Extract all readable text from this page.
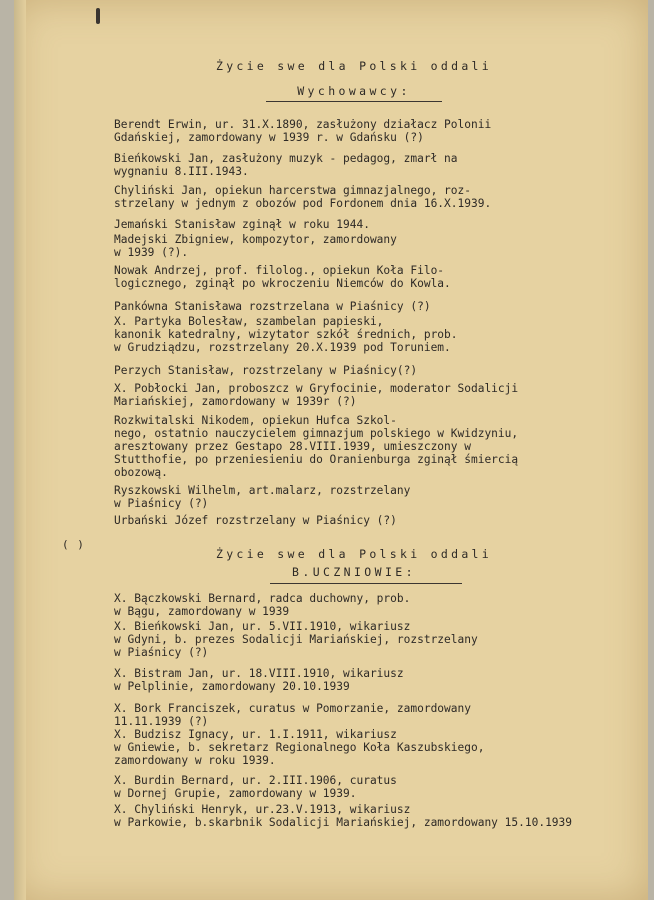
Życie swe dla Polski oddali
Wychowawcy:
Berendt Erwin, ur. 31.X.1890, zasłużony działacz Polonii
Gdańskiej, zamordowany w 1939 r. w Gdańsku (?)
Bieńkowski Jan, zasłużony muzyk - pedagog, zmarł na
wygnaniu 8.III.1943.
Chyliński Jan, opiekun harcerstwa gimnazjalnego, roz-
strzelany w jednym z obozów pod Fordonem dnia 16.X.1939.
Jemański Stanisław zginął w roku 1944.
Madejski Zbigniew, kompozytor, zamordowany
w 1939 (?).
Nowak Andrzej, prof. filolog., opiekun Koła Filo-
logicznego, zginął po wkroczeniu Niemców do Kowla.
Pankówna Stanisława rozstrzelana w Piaśnicy (?)
X. Partyka Bolesław, szambelan papieski,
kanonik katedralny, wizytator szkół średnich, prob.
w Grudziądzu, rozstrzelany 20.X.1939 pod Toruniem.
Perzych Stanisław, rozstrzelany w Piaśnicy(?)
X. Pobłocki Jan, proboszcz w Gryfocinie, moderator Sodalicji
Mariańskiej, zamordowany w 1939r (?)
Rozkwitalski Nikodem, opiekun Hufca Szkol-
nego, ostatnio nauczycielem gimnazjum polskiego w Kwidzyniu,
aresztowany przez Gestapo 28.VIII.1939, umieszczony w
Stutthofie, po przeniesieniu do Oranienburga zginął śmiercią
obozową.
Ryszkowski Wilhelm, art.malarz, rozstrzelany
w Piaśnicy (?)
Urbański Józef rozstrzelany w Piaśnicy (?)
( )
Życie swe dla Polski oddali
B.UCZNIOWIE:
X. Bączkowski Bernard, radca duchowny, prob.
w Bągu, zamordowany w 1939
X. Bieńkowski Jan, ur. 5.VII.1910, wikariusz
w Gdyni, b. prezes Sodalicji Mariańskiej, rozstrzelany
w Piaśnicy (?)
X. Bistram Jan, ur. 18.VIII.1910, wikariusz
w Pelplinie, zamordowany 20.10.1939
X. Bork Franciszek, curatus w Pomorzanie, zamordowany
11.11.1939 (?)
X. Budzisz Ignacy, ur. 1.I.1911, wikariusz
w Gniewie, b. sekretarz Regionalnego Koła Kaszubskiego,
zamordowany w roku 1939.
X. Burdin Bernard, ur. 2.III.1906, curatus
w Dornej Grupie, zamordowany w 1939.
X. Chyliński Henryk, ur.23.V.1913, wikariusz
w Parkowie, b.skarbnik Sodalicji Mariańskiej, zamordowany 15.10.1939
